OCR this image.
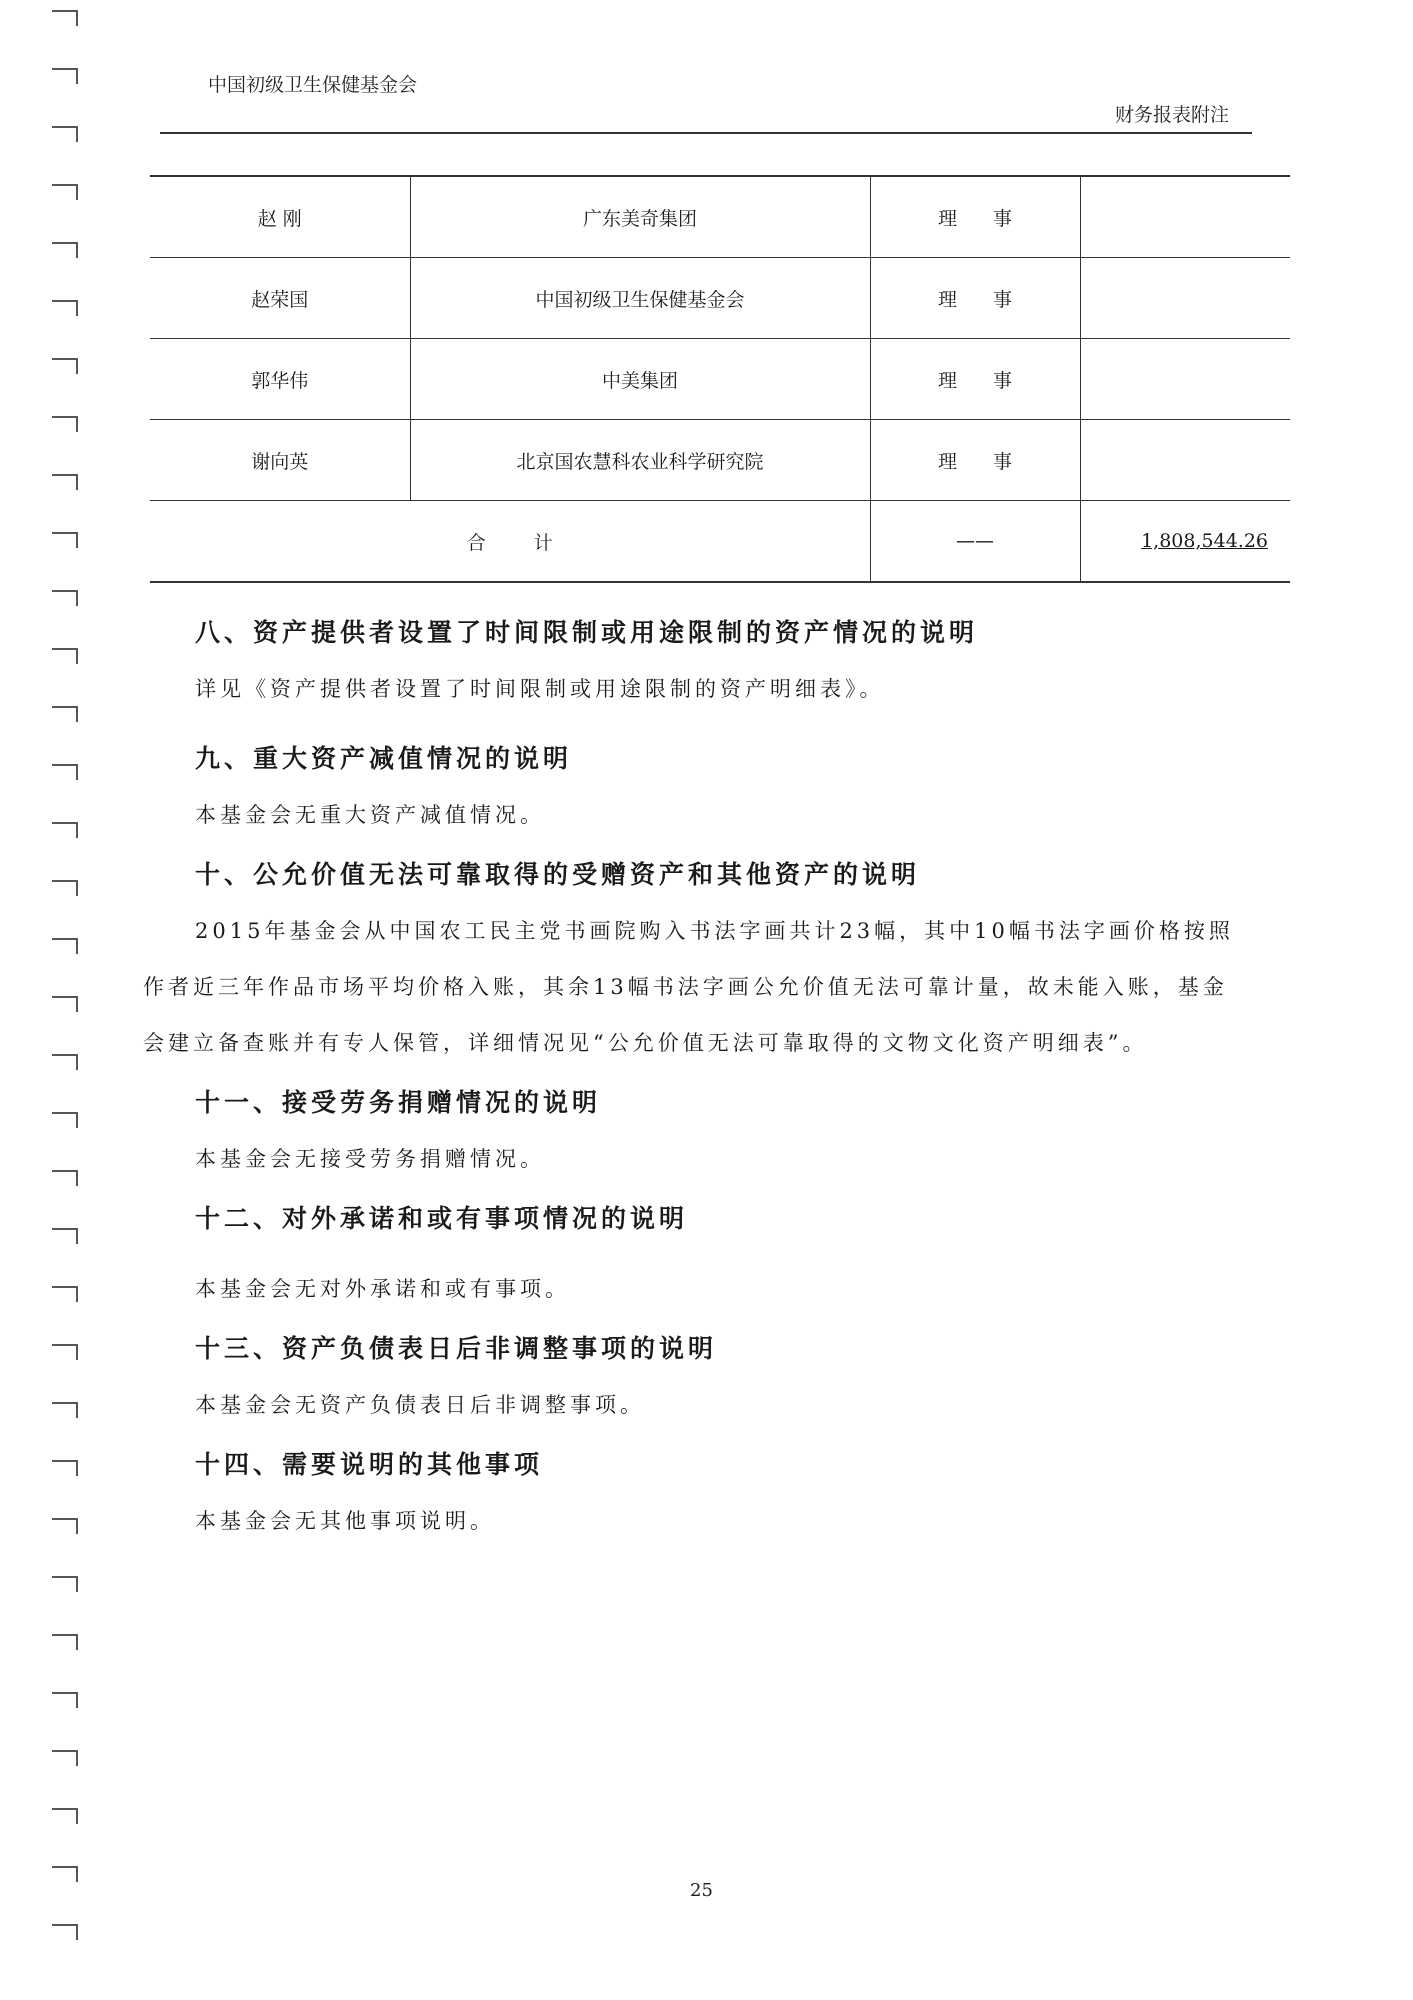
中国初级卫生保健基金会
财务报表附注
赵 刚	广东美奇集团	理事	
赵荣国	中国初级卫生保健基金会	理事	
郭华伟	中美集团	理事	
谢向英	北京国农慧科农业科学研究院	理事	
合计		——	1,808,544.26
八、资产提供者设置了时间限制或用途限制的资产情况的说明

详见《资产提供者设置了时间限制或用途限制的资产明细表》。

九、重大资产减值情况的说明

本基金会无重大资产减值情况。

十、公允价值无法可靠取得的受赠资产和其他资产的说明

2015年基金会从中国农工民主党书画院购入书法字画共计23幅，其中10幅书法字画价格按照作者近三年作品市场平均价格入账，其余13幅书法字画公允价值无法可靠计量，故未能入账，基金会建立备查账并有专人保管，详细情况见“公允价值无法可靠取得的文物文化资产明细表”。

十一、接受劳务捐赠情况的说明

本基金会无接受劳务捐赠情况。

十二、对外承诺和或有事项情况的说明

本基金会无对外承诺和或有事项。

十三、资产负债表日后非调整事项的说明

本基金会无资产负债表日后非调整事项。

十四、需要说明的其他事项

本基金会无其他事项说明。

25
